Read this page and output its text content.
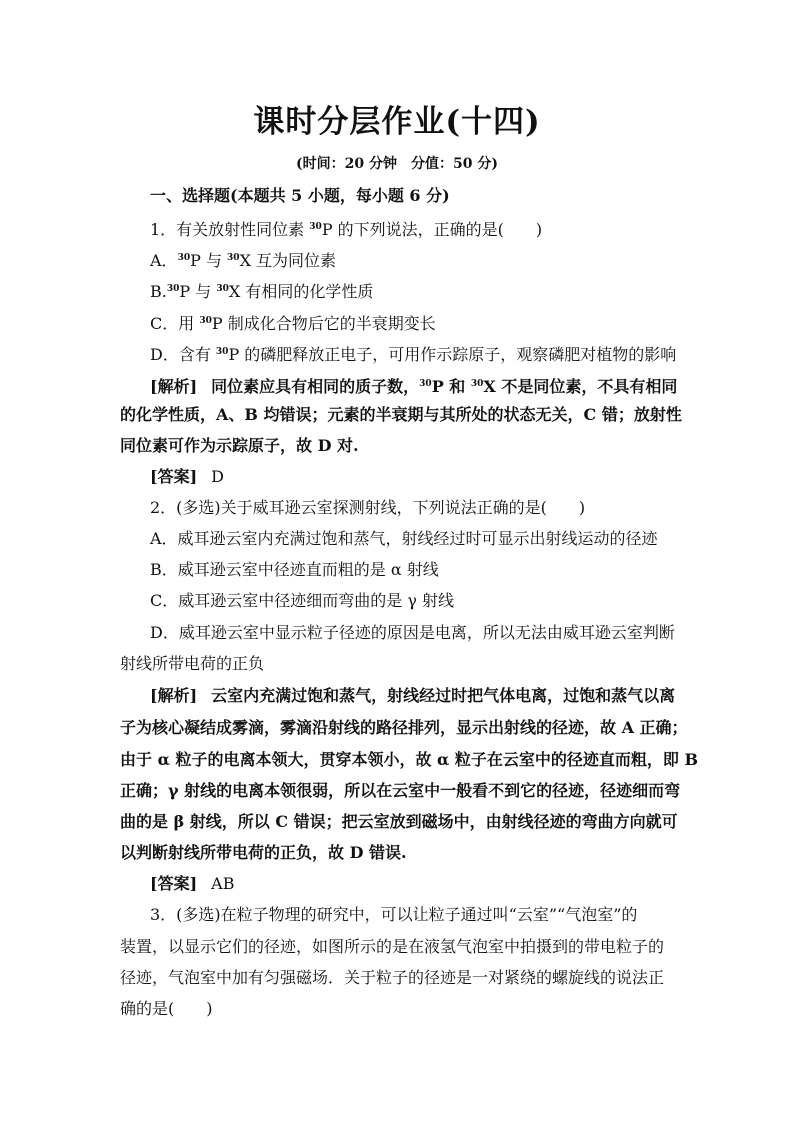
课时分层作业(十四)
(时间：20 分钟　分值：50 分)
一、选择题(本题共 5 小题，每小题 6 分)
1．有关放射性同位素 $^{30}$P 的下列说法，正确的是(　　)
A．$^{30}$P 与 $^{30}$X 互为同位素
B.$^{30}$P 与 $^{30}$X 有相同的化学性质
C．用 $^{30}$P 制成化合物后它的半衰期变长
D．含有 $^{30}$P 的磷肥释放正电子，可用作示踪原子，观察磷肥对植物的影响
[解析] 同位素应具有相同的质子数，$^{30}$P 和 $^{30}$X 不是同位素，不具有相同
的化学性质，A、B 均错误；元素的半衰期与其所处的状态无关，C 错；放射性
同位素可作为示踪原子，故 D 对.
[答案] D
2．(多选)关于威耳逊云室探测射线，下列说法正确的是(　　)
A．威耳逊云室内充满过饱和蒸气，射线经过时可显示出射线运动的径迹
B．威耳逊云室中径迹直而粗的是 α 射线
C．威耳逊云室中径迹细而弯曲的是 γ 射线
D．威耳逊云室中显示粒子径迹的原因是电离，所以无法由威耳逊云室判断
射线所带电荷的正负
[解析] 云室内充满过饱和蒸气，射线经过时把气体电离，过饱和蒸气以离
子为核心凝结成雾滴，雾滴沿射线的路径排列，显示出射线的径迹，故 A 正确；
由于 α 粒子的电离本领大，贯穿本领小，故 α 粒子在云室中的径迹直而粗，即 B
正确；γ 射线的电离本领很弱，所以在云室中一般看不到它的径迹，径迹细而弯
曲的是 β 射线，所以 C 错误；把云室放到磁场中，由射线径迹的弯曲方向就可
以判断射线所带电荷的正负，故 D 错误.
[答案] AB
3．(多选)在粒子物理的研究中，可以让粒子通过叫“云室”“气泡室”的
装置，以显示它们的径迹，如图所示的是在液氢气泡室中拍摄到的带电粒子的
径迹，气泡室中加有匀强磁场．关于粒子的径迹是一对紧绕的螺旋线的说法正
确的是(　　)
